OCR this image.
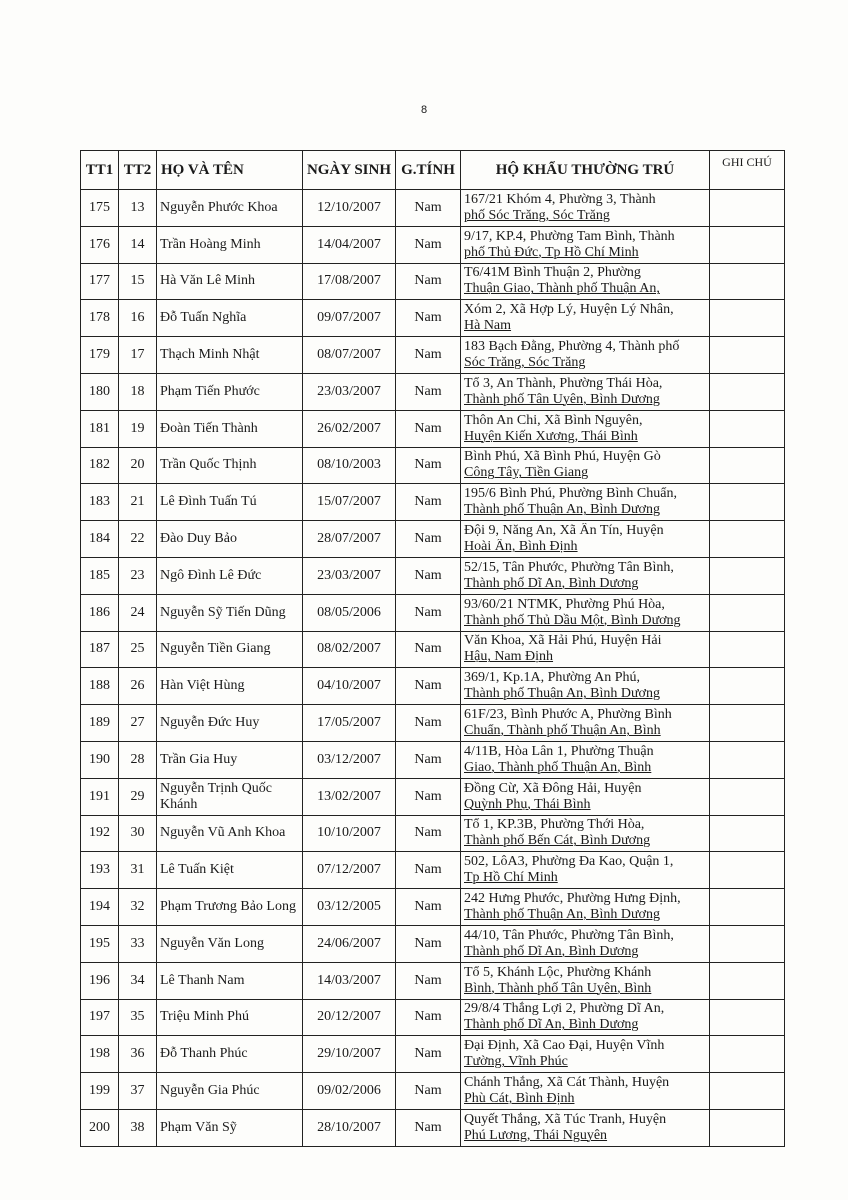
8
TT1	TT2	HỌ VÀ TÊN	NGÀY SINH	G.TÍNH	HỘ KHẨU THƯỜNG TRÚ	GHI CHÚ
175	13	Nguyễn Phước Khoa	12/10/2007	Nam	167/21 Khóm 4, Phường 3, Thành
phố Sóc Trăng, Sóc Trăng	

176	14	Trần Hoàng Minh	14/04/2007	Nam	9/17, KP.4, Phường Tam Bình, Thành
phố Thủ Đức, Tp Hồ Chí Minh	

177	15	Hà Văn Lê Minh	17/08/2007	Nam	T6/41M Bình Thuận 2, Phường
Thuận Giao, Thành phố Thuận An,	

178	16	Đỗ Tuấn Nghĩa	09/07/2007	Nam	Xóm 2, Xã Hợp Lý, Huyện Lý Nhân,
Hà Nam	

179	17	Thạch Minh Nhật	08/07/2007	Nam	183 Bạch Đằng, Phường 4, Thành phố
Sóc Trăng, Sóc Trăng	

180	18	Phạm Tiến Phước	23/03/2007	Nam	Tổ 3, An Thành, Phường Thái Hòa,
Thành phố Tân Uyên, Bình Dương	

181	19	Đoàn Tiến Thành	26/02/2007	Nam	Thôn An Chi, Xã Bình Nguyên,
Huyện Kiến Xương, Thái Bình	

182	20	Trần Quốc Thịnh	08/10/2003	Nam	Bình Phú, Xã Bình Phú, Huyện Gò
Công Tây, Tiền Giang	

183	21	Lê Đình Tuấn Tú	15/07/2007	Nam	195/6 Bình Phú, Phường Bình Chuẩn,
Thành phố Thuận An, Bình Dương	

184	22	Đào Duy Bảo	28/07/2007	Nam	Đội 9, Năng An, Xã Ân Tín, Huyện
Hoài Ân, Bình Định	

185	23	Ngô Đình Lê Đức	23/03/2007	Nam	52/15, Tân Phước, Phường Tân Bình,
Thành phố Dĩ An, Bình Dương	

186	24	Nguyễn Sỹ Tiến Dũng	08/05/2006	Nam	93/60/21 NTMK, Phường Phú Hòa,
Thành phố Thủ Dầu Một, Bình Dương	

187	25	Nguyễn Tiền Giang	08/02/2007	Nam	Văn Khoa, Xã Hải Phú, Huyện Hải
Hậu, Nam Định	

188	26	Hàn Việt Hùng	04/10/2007	Nam	369/1, Kp.1A, Phường An Phú,
Thành phố Thuận An, Bình Dương	

189	27	Nguyễn Đức Huy	17/05/2007	Nam	61F/23, Bình Phước A, Phường Bình
Chuẩn, Thành phố Thuận An, Bình	

190	28	Trần Gia Huy	03/12/2007	Nam	4/11B, Hòa Lân 1, Phường Thuận
Giao, Thành phố Thuận An, Bình	

191	29	Nguyễn Trịnh Quốc Khánh	13/02/2007	Nam	Đồng Cừ, Xã Đông Hải, Huyện
Quỳnh Phụ, Thái Bình	

192	30	Nguyễn Vũ Anh Khoa	10/10/2007	Nam	Tổ 1, KP.3B, Phường Thới Hòa,
Thành phố Bến Cát, Bình Dương	

193	31	Lê Tuấn Kiệt	07/12/2007	Nam	502, LôA3, Phường Đa Kao, Quận 1,
Tp Hồ Chí Minh	

194	32	Phạm Trương Bảo Long	03/12/2005	Nam	242 Hưng Phước, Phường Hưng Định,
Thành phố Thuận An, Bình Dương	

195	33	Nguyễn Văn Long	24/06/2007	Nam	44/10, Tân Phước, Phường Tân Bình,
Thành phố Dĩ An, Bình Dương	

196	34	Lê Thanh Nam	14/03/2007	Nam	Tổ 5, Khánh Lộc, Phường Khánh
Bình, Thành phố Tân Uyên, Bình	

197	35	Triệu Minh Phú	20/12/2007	Nam	29/8/4 Thắng Lợi 2, Phường Dĩ An,
Thành phố Dĩ An, Bình Dương	

198	36	Đỗ Thanh Phúc	29/10/2007	Nam	Đại Định, Xã Cao Đại, Huyện Vĩnh
Tường, Vĩnh Phúc	

199	37	Nguyễn Gia Phúc	09/02/2006	Nam	Chánh Thắng, Xã Cát Thành, Huyện
Phù Cát, Bình Định	

200	38	Phạm Văn Sỹ	28/10/2007	Nam	Quyết Thắng, Xã Túc Tranh, Huyện
Phú Lương, Thái Nguyên	
